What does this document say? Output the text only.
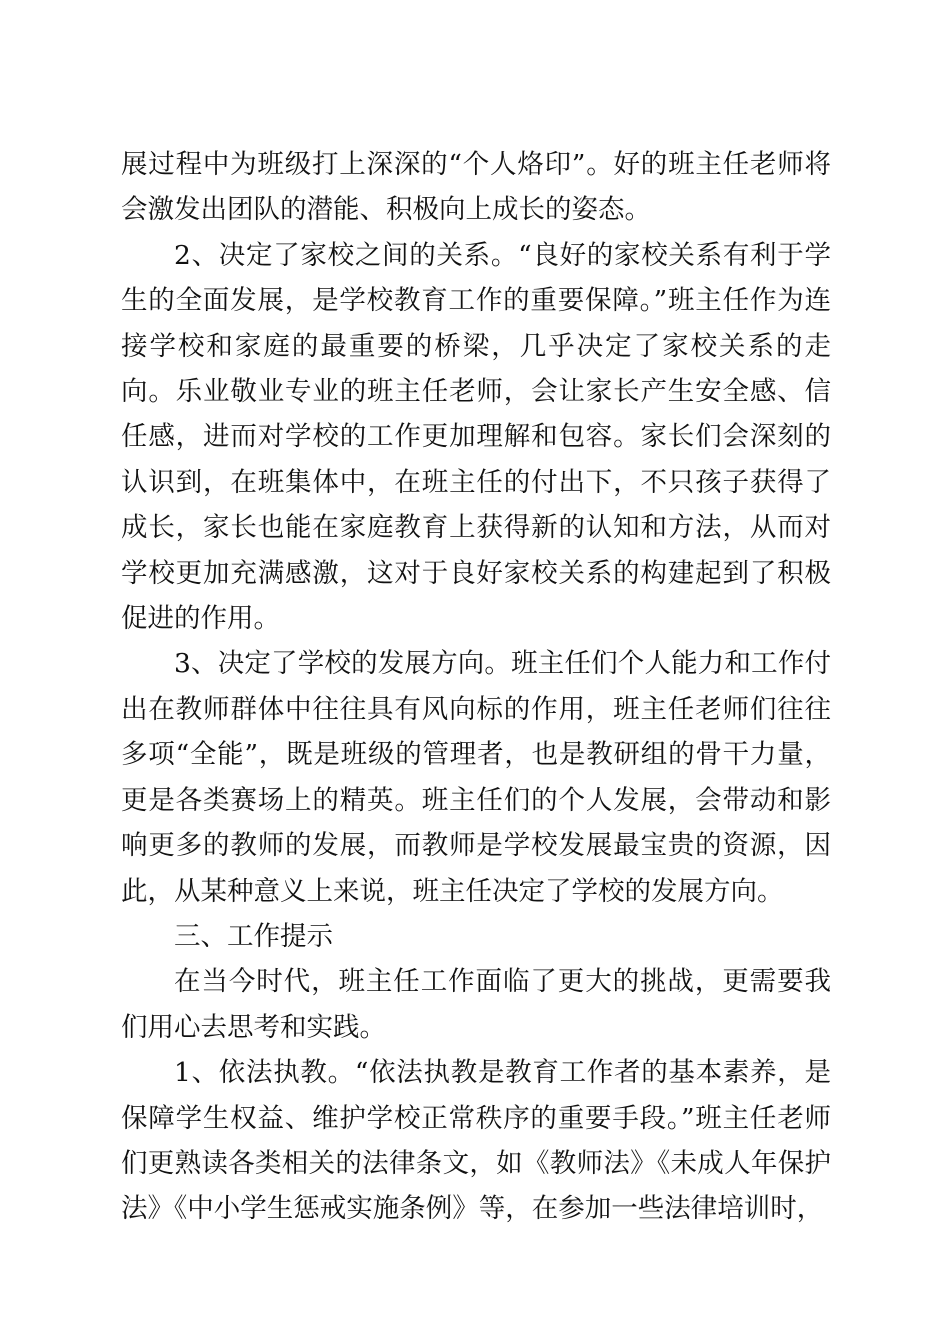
展过程中为班级打上深深的“个人烙印”。好的班主任老师将会激发出团队的潜能、积极向上成长的姿态。

2、决定了家校之间的关系。“良好的家校关系有利于学生的全面发展，是学校教育工作的重要保障。”班主任作为连接学校和家庭的最重要的桥梁，几乎决定了家校关系的走向。乐业敬业专业的班主任老师，会让家长产生安全感、信任感，进而对学校的工作更加理解和包容。家长们会深刻的认识到，在班集体中，在班主任的付出下，不只孩子获得了成长，家长也能在家庭教育上获得新的认知和方法，从而对学校更加充满感激，这对于良好家校关系的构建起到了积极促进的作用。

3、决定了学校的发展方向。班主任们个人能力和工作付出在教师群体中往往具有风向标的作用，班主任老师们往往多项“全能”，既是班级的管理者，也是教研组的骨干力量，更是各类赛场上的精英。班主任们的个人发展，会带动和影响更多的教师的发展，而教师是学校发展最宝贵的资源，因此，从某种意义上来说，班主任决定了学校的发展方向。

三、工作提示

在当今时代，班主任工作面临了更大的挑战，更需要我们用心去思考和实践。

1、依法执教。“依法执教是教育工作者的基本素养，是保障学生权益、维护学校正常秩序的重要手段。”班主任老师们更熟读各类相关的法律条文，如《教师法》《未成人年保护法》《中小学生惩戒实施条例》等，在参加一些法律培训时，
